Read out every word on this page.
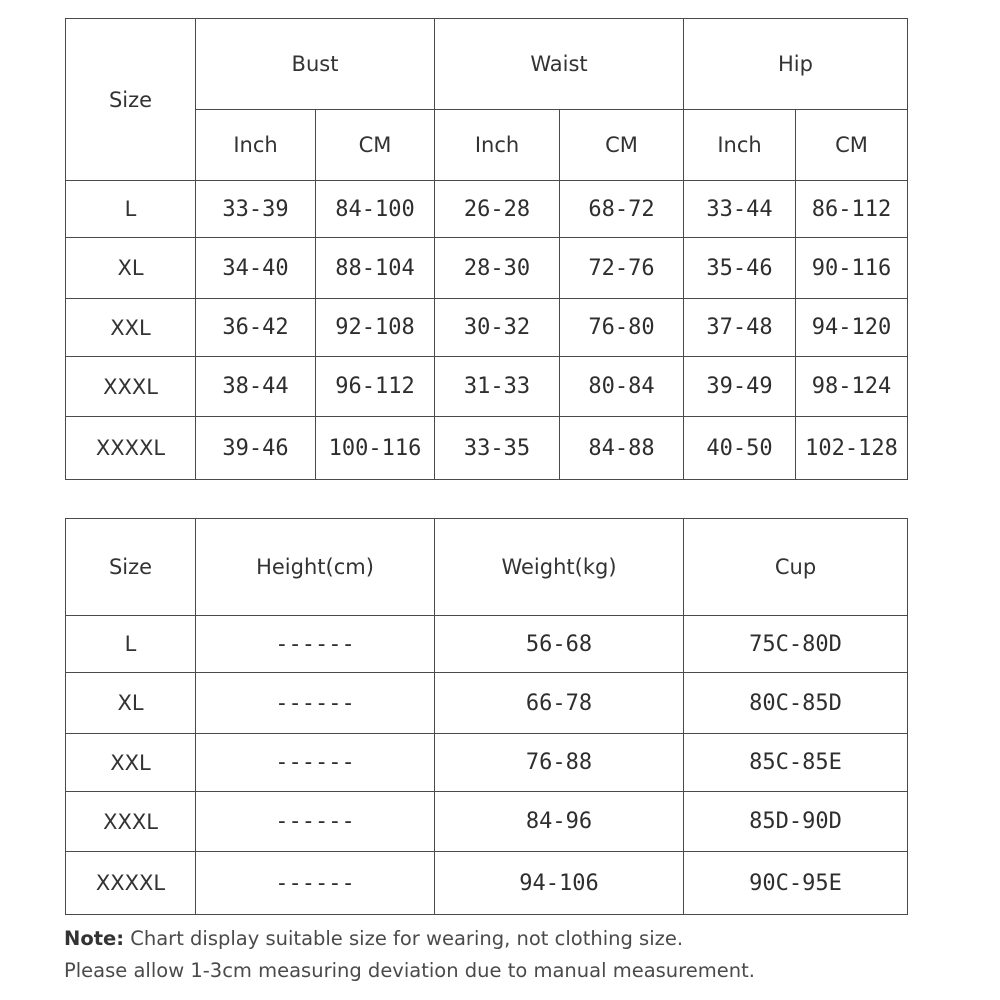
Size	Bust		Waist		Hip	
	Inch	CM	Inch	CM	Inch	CM
L	33-39	84-100	26-28	68-72	33-44	86-112
XL	34-40	88-104	28-30	72-76	35-46	90-116
XXL	36-42	92-108	30-32	76-80	37-48	94-120
XXXL	38-44	96-112	31-33	80-84	39-49	98-124
XXXXL	39-46	100-116	33-35	84-88	40-50	102-128
Size	Height(cm)	Weight(kg)	Cup
L	------	56-68	75C-80D
XL	------	66-78	80C-85D
XXL	------	76-88	85C-85E
XXXL	------	84-96	85D-90D
XXXXL	------	94-106	90C-95E
Note: Chart display suitable size for wearing, not clothing size.
Please allow 1-3cm measuring deviation due to manual measurement.
